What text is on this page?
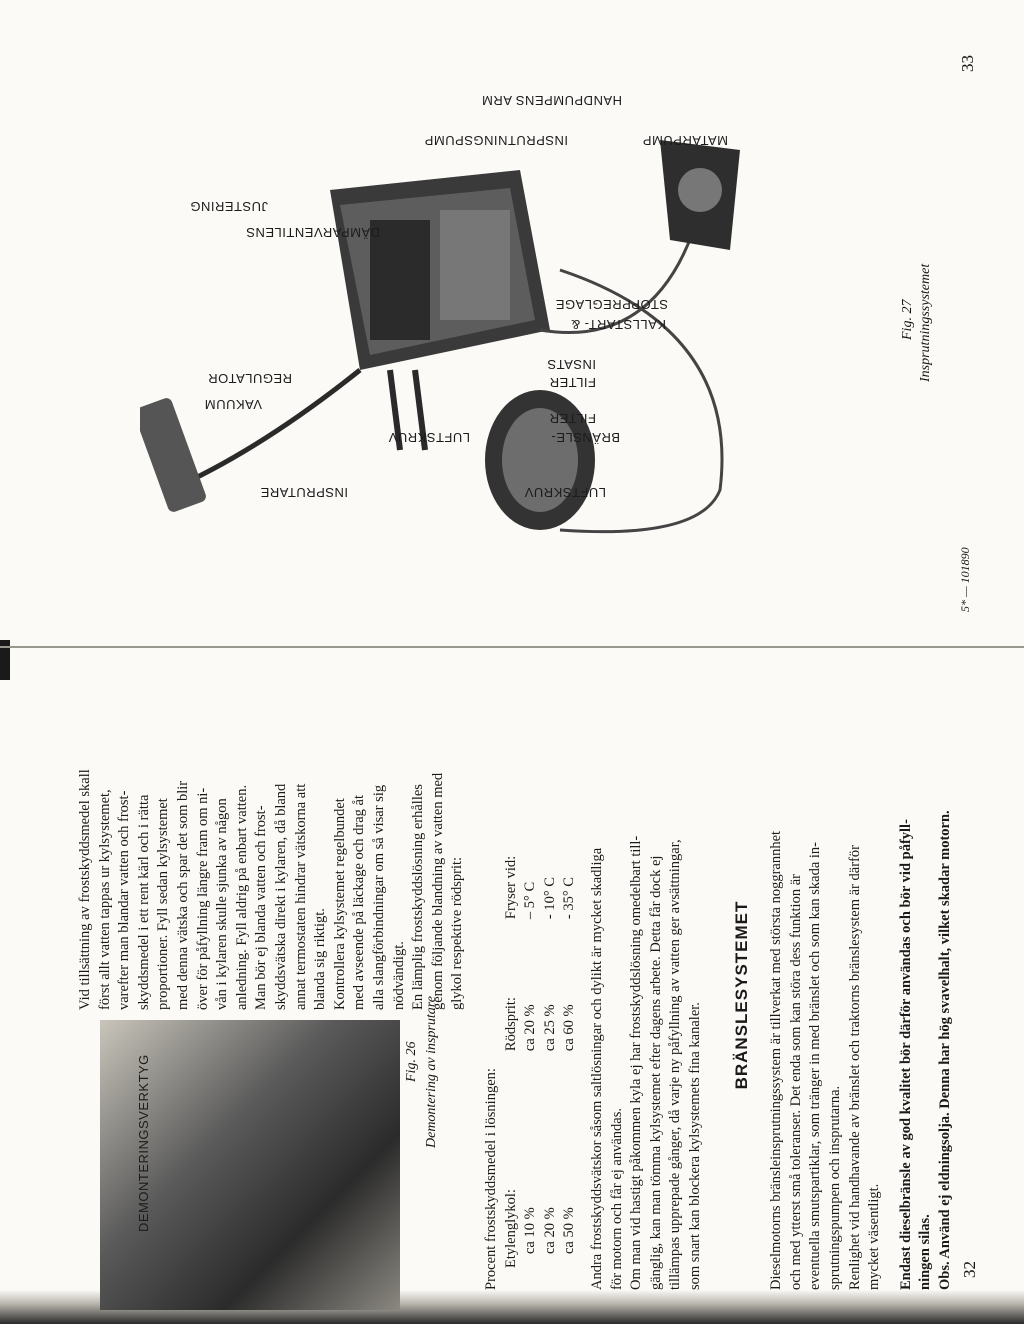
INSPRUTNINGSPUMP
HANDPUMPENS ARM
MATARPUMP
DÄMPARVENTILENS
JUSTERING
VAKUUM
REGULATOR
KALLSTART- &
STOPPREGLAGE
INSPRUTARE
LUFTSKRUV	BRÄNSLE-
FILTER
FILTER
INSATS
LUFTSKRUV
Fig. 27 Insprutningssystemet
5* — 101890
33
DEMONTERINGSVERKTYG	Fig. 26 Demontering av insprutare

Vid tillsättning av frostskyddsmedel skall först allt vatten tappas ur kylsystemet, varefter man blandar vatten och frost- skyddsmedel i ett rent kärl och i rätta proportioner. Fyll sedan kylsystemet med denna vätska och spar det som blir över för påfyllning längre fram om ni- vån i kylaren skulle sjunka av någon anledning. Fyll aldrig på enbart vatten. Man bör ej blanda vatten och frost- skyddsvätska direkt i kylaren, då bland annat termostaten hindrar vätskorna att blanda sig riktigt. Kontrollera kylsystemet regelbundet med avseende på läckage och drag åt alla slangförbindningar om så visar sig nödvändigt. En lämplig frostskyddslösning erhålles genom följande blandning av vatten med glykol respektive rödsprit:

Procent frostskyddsmedel i lösningen: Etylenglykol:	Rödsprit:	Fryser vid:
ca 10 %	ca 20 %	– 5° C
ca 20 %	ca 25 %	- 10° C
ca 50 %	ca 60 %	- 35° C Andra frostskyddsvätskor såsom saltlösningar och dylikt är mycket skadliga för motorn och får ej användas. Om man vid hastigt påkommen kyla ej har frostskyddslösning omedelbart till- gänglig, kan man tömma kylsystemet efter dagens arbete. Detta får dock ej tillämpas upprepade gånger, då varje ny påfyllning av vatten ger avsättningar, som snart kan blockera kylsystemets fina kanaler.

BRÄNSLESYSTEMET Dieselmotorns bränsleinsprutningssystem är tillverkat med största noggrannhet och med ytterst små toleranser. Det enda som kan störa dess funktion är eventuella smutspartiklar, som tränger in med bränslet och som kan skada in- sprutningspumpen och insprutarna. Renlighet vid handhavande av bränslet och traktorns bränslesystem är därför mycket väsentligt. Endast dieselbränsle av god kvalitet bör därför användas och bör vid påfyll- ningen silas. Obs. Använd ej eldningsolja. Denna har hög svavelhalt, vilket skadar motorn. 32
